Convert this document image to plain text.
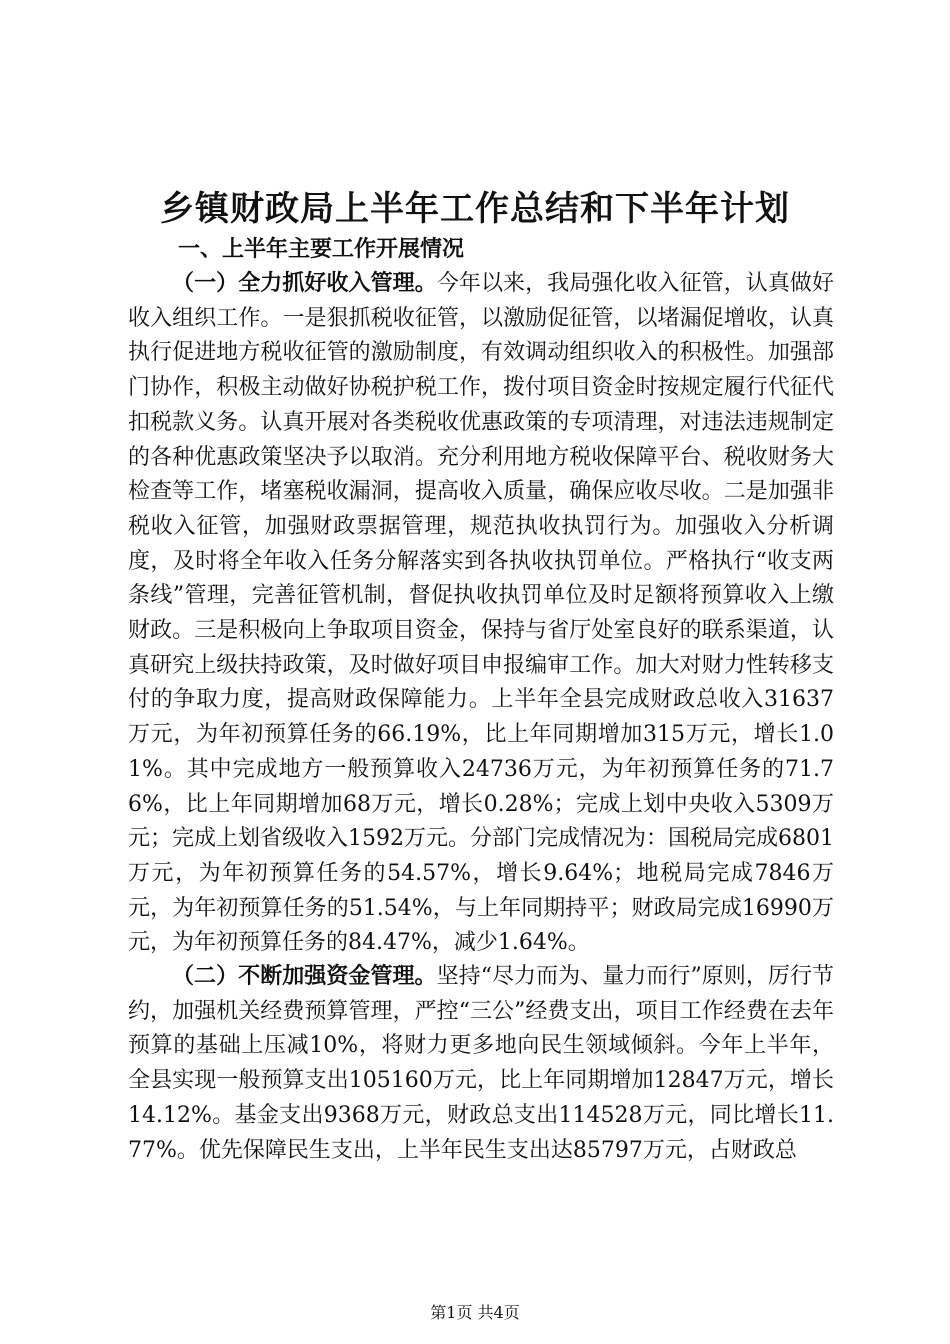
乡镇财政局上半年工作总结和下半年计划
一、上半年主要工作开展情况

（一）全力抓好收入管理。今年以来，我局强化收入征管，认真做好收入组织工作。一是狠抓税收征管，以激励促征管，以堵漏促增收，认真执行促进地方税收征管的激励制度，有效调动组织收入的积极性。加强部门协作，积极主动做好协税护税工作，拨付项目资金时按规定履行代征代扣税款义务。认真开展对各类税收优惠政策的专项清理，对违法违规制定的各种优惠政策坚决予以取消。充分利用地方税收保障平台、税收财务大检查等工作，堵塞税收漏洞，提高收入质量，确保应收尽收。二是加强非税收入征管，加强财政票据管理，规范执收执罚行为。加强收入分析调度，及时将全年收入任务分解落实到各执收执罚单位。严格执行“收支两条线”管理，完善征管机制，督促执收执罚单位及时足额将预算收入上缴财政。三是积极向上争取项目资金，保持与省厅处室良好的联系渠道，认真研究上级扶持政策，及时做好项目申报编审工作。加大对财力性转移支付的争取力度，提高财政保障能力。上半年全县完成财政总收入31637万元，为年初预算任务的66.19%，比上年同期增加315万元，增长1.01%。其中完成地方一般预算收入24736万元，为年初预算任务的71.76%，比上年同期增加68万元，增长0.28%；完成上划中央收入5309万元；完成上划省级收入1592万元。分部门完成情况为：国税局完成6801万元，为年初预算任务的54.57%，增长9.64%；地税局完成7846万元，为年初预算任务的51.54%，与上年同期持平；财政局完成16990万元，为年初预算任务的84.47%，减少1.64%。

（二）不断加强资金管理。坚持“尽力而为、量力而行”原则，厉行节约，加强机关经费预算管理，严控“三公”经费支出，项目工作经费在去年预算的基础上压减10%，将财力更多地向民生领域倾斜。今年上半年，全县实现一般预算支出105160万元，比上年同期增加12847万元，增长14.12%。基金支出9368万元，财政总支出114528万元，同比增长11.77%。优先保障民生支出，上半年民生支出达85797万元，占财政总

第1页 共4页
